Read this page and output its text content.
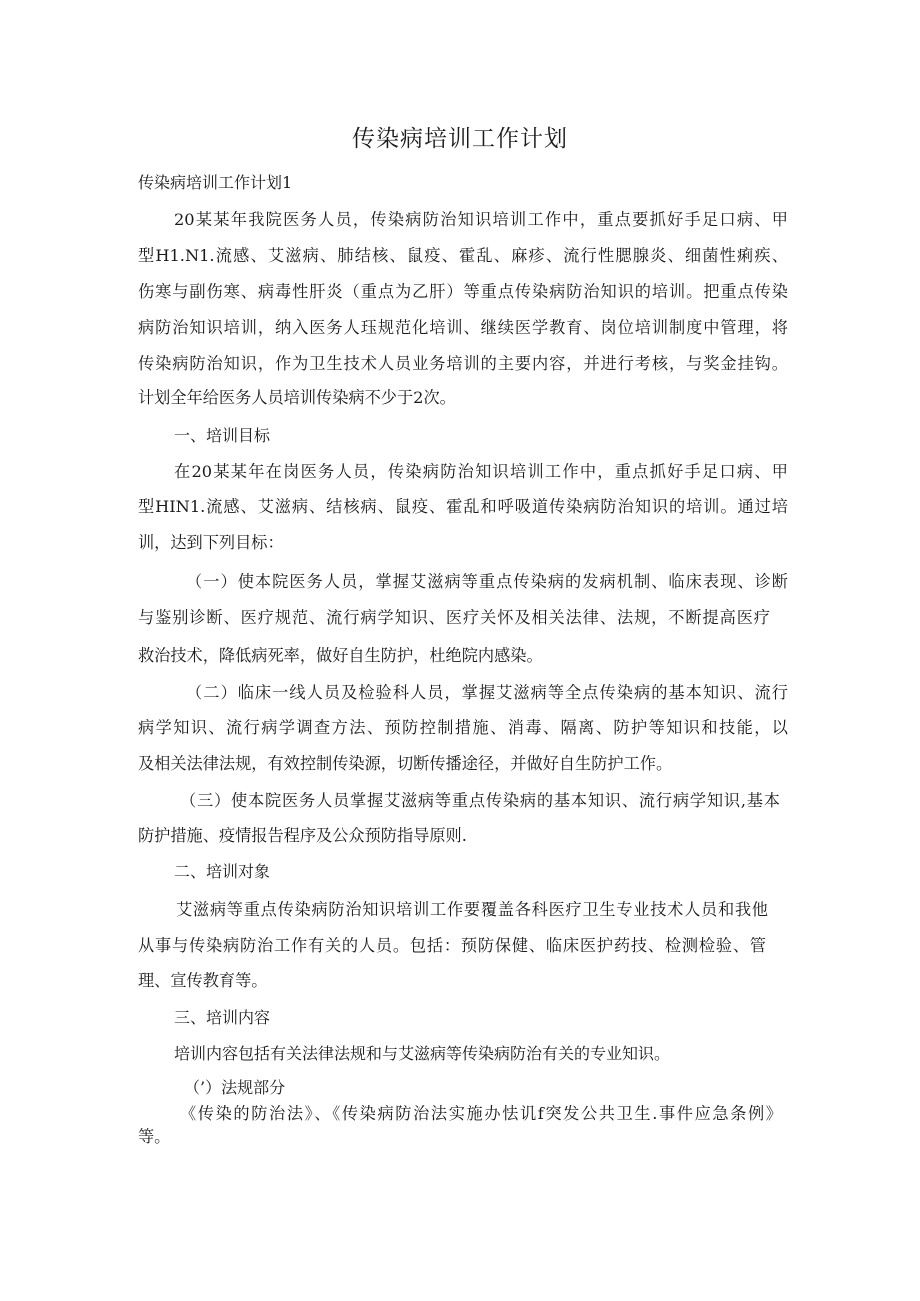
传染病培训工作计划

传染病培训工作计划1

20某某年我院医务人员，传染病防治知识培训工作中，重点要抓好手足口病、甲

型H1.N1.流感、艾滋病、肺结核、鼠疫、霍乱、麻疹、流行性腮腺炎、细菌性痢疾、

伤寒与副伤寒、病毒性肝炎（重点为乙肝）等重点传染病防治知识的培训。把重点传染

病防治知识培训，纳入医务人珏规范化培训、继续医学教育、岗位培训制度中管理，将

传染病防治知识，作为卫生技术人员业务培训的主要内容，并进行考核，与奖金挂钩。

计划全年给医务人员培训传染病不少于2次。

一、培训目标

在20某某年在岗医务人员，传染病防治知识培训工作中，重点抓好手足口病、甲

型HIN1.流感、艾滋病、结核病、鼠疫、霍乱和呼吸道传染病防治知识的培训。通过培

训，达到下列目标：

（一）使本院医务人员，掌握艾滋病等重点传染病的发病机制、临床表现、诊断

与鉴别诊断、医疗规范、流行病学知识、医疗关怀及相关法律、法规，不断提高医疗

救治技术，降低病死率，做好自生防护，杜绝院内感染。

（二）临床一线人员及检验科人员，掌握艾滋病等全点传染病的基本知识、流行

病学知识、流行病学调查方法、预防控制措施、消毒、隔离、防护等知识和技能，以

及相关法律法规，有效控制传染源，切断传播途径，并做好自生防护工作。

（三）使本院医务人员掌握艾滋病等重点传染病的基本知识、流行病学知识,基本

防护措施、疫情报告程序及公众预防指导原则.

二、培训对象

艾滋病等重点传染病防治知识培训工作要覆盖各科医疗卫生专业技术人员和我他

从事与传染病防治工作有关的人员。包括：预防保健、临床医护药技、检测检验、管

理、宣传教育等。

三、培训内容

培训内容包括有关法律法规和与艾滋病等传染病防治有关的专业知识。

（’）法规部分

《传染的防治法》、《传染病防治法实施办怯讥f突发公共卫生.事件应急条例》

等。
